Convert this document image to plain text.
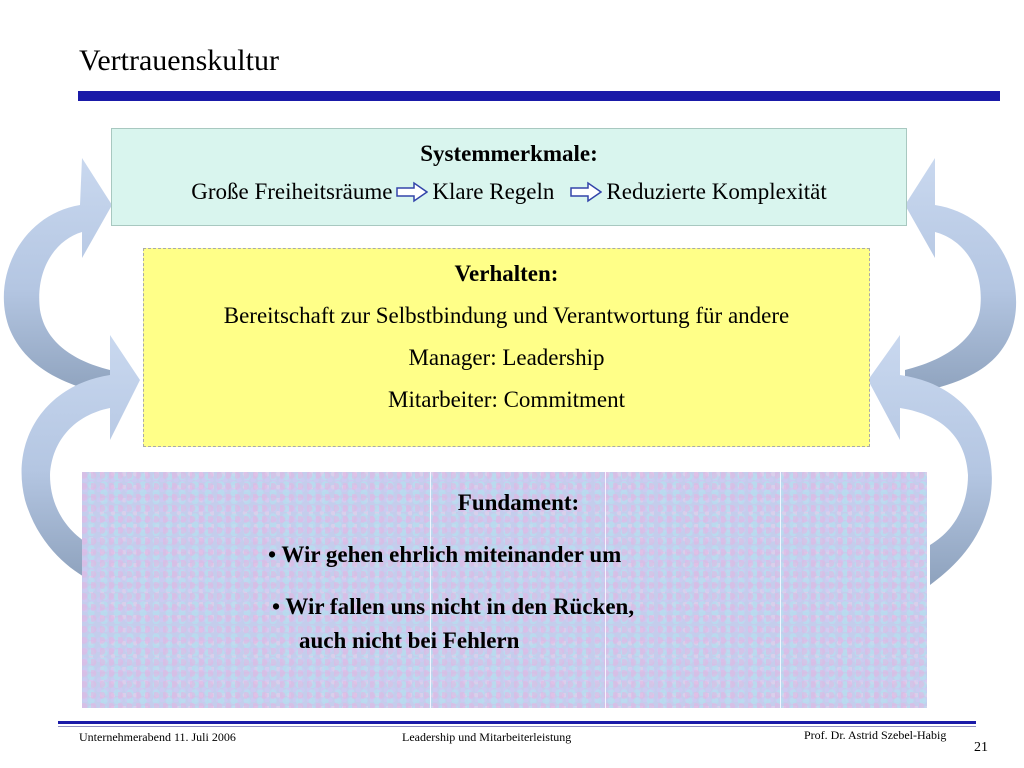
Vertrauenskultur
Systemmerkmale:
Große Freiheitsräume Klare Regeln Reduzierte Komplexität
Verhalten:
Bereitschaft zur Selbstbindung und Verantwortung für andere
Manager: Leadership
Mitarbeiter: Commitment
Fundament:
• Wir gehen ehrlich miteinander um
• Wir fallen uns nicht in den Rücken,
auch nicht bei Fehlern
Unternehmerabend 11. Juli 2006	Leadership und Mitarbeiterleistung	Prof. Dr. Astrid Szebel-Habig
21
